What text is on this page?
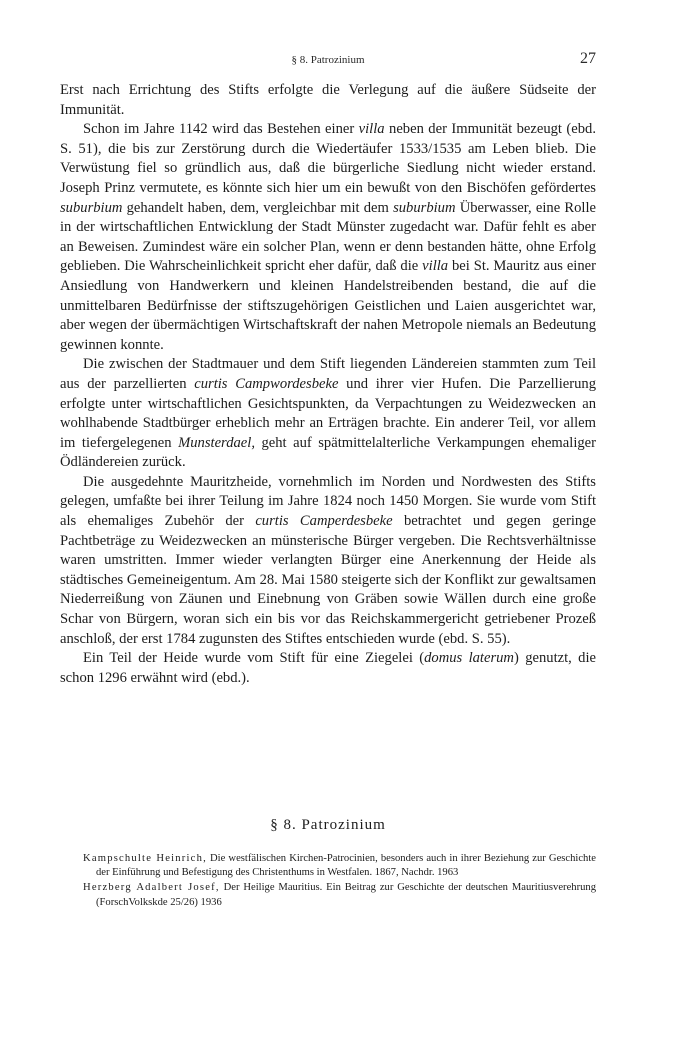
§ 8. Patrozinium	27

Erst nach Errichtung des Stifts erfolgte die Verlegung auf die äußere Südseite der Immunität.

Schon im Jahre 1142 wird das Bestehen einer villa neben der Immunität bezeugt (ebd. S. 51), die bis zur Zerstörung durch die Wiedertäufer 1533/1535 am Leben blieb. Die Verwüstung fiel so gründlich aus, daß die bürgerliche Siedlung nicht wieder erstand. Joseph Prinz vermutete, es könnte sich hier um ein bewußt von den Bischöfen gefördertes suburbium gehandelt haben, dem, vergleichbar mit dem suburbium Überwasser, eine Rolle in der wirtschaftlichen Entwicklung der Stadt Münster zugedacht war. Dafür fehlt es aber an Beweisen. Zumindest wäre ein solcher Plan, wenn er denn bestanden hätte, ohne Erfolg geblieben. Die Wahrscheinlichkeit spricht eher dafür, daß die villa bei St. Mauritz aus einer Ansiedlung von Handwerkern und kleinen Handelstreibenden bestand, die auf die unmittelbaren Bedürfnisse der stiftszugehörigen Geistlichen und Laien ausgerichtet war, aber wegen der übermächtigen Wirtschaftskraft der nahen Metropole niemals an Bedeutung gewinnen konnte.

Die zwischen der Stadtmauer und dem Stift liegenden Ländereien stammten zum Teil aus der parzellierten curtis Campwordesbeke und ihrer vier Hufen. Die Parzellierung erfolgte unter wirtschaftlichen Gesichtspunkten, da Verpachtungen zu Weidezwecken an wohlhabende Stadtbürger erheblich mehr an Erträgen brachte. Ein anderer Teil, vor allem im tiefergelegenen Munsterdael, geht auf spätmittelalterliche Verkampungen ehemaliger Ödländereien zurück.

Die ausgedehnte Mauritzheide, vornehmlich im Norden und Nordwesten des Stifts gelegen, umfaßte bei ihrer Teilung im Jahre 1824 noch 1450 Morgen. Sie wurde vom Stift als ehemaliges Zubehör der curtis Camperdesbeke betrachtet und gegen geringe Pachtbeträge zu Weidezwecken an münsterische Bürger vergeben. Die Rechtsverhältnisse waren umstritten. Immer wieder verlangten Bürger eine Anerkennung der Heide als städtisches Gemeineigentum. Am 28. Mai 1580 steigerte sich der Konflikt zur gewaltsamen Niederreißung von Zäunen und Einebnung von Gräben sowie Wällen durch eine große Schar von Bürgern, woran sich ein bis vor das Reichskammergericht getriebener Prozeß anschloß, der erst 1784 zugunsten des Stiftes entschieden wurde (ebd. S. 55).

Ein Teil der Heide wurde vom Stift für eine Ziegelei (domus laterum) genutzt, die schon 1296 erwähnt wird (ebd.).

§ 8. Patrozinium

Kampschulte Heinrich, Die westfälischen Kirchen-Patrocinien, besonders auch in ihrer Beziehung zur Geschichte der Einführung und Befestigung des Christenthums in Westfalen. 1867, Nachdr. 1963

Herzberg Adalbert Josef, Der Heilige Mauritius. Ein Beitrag zur Geschichte der deutschen Mauritiusverehrung (ForschVolkskde 25/26) 1936
